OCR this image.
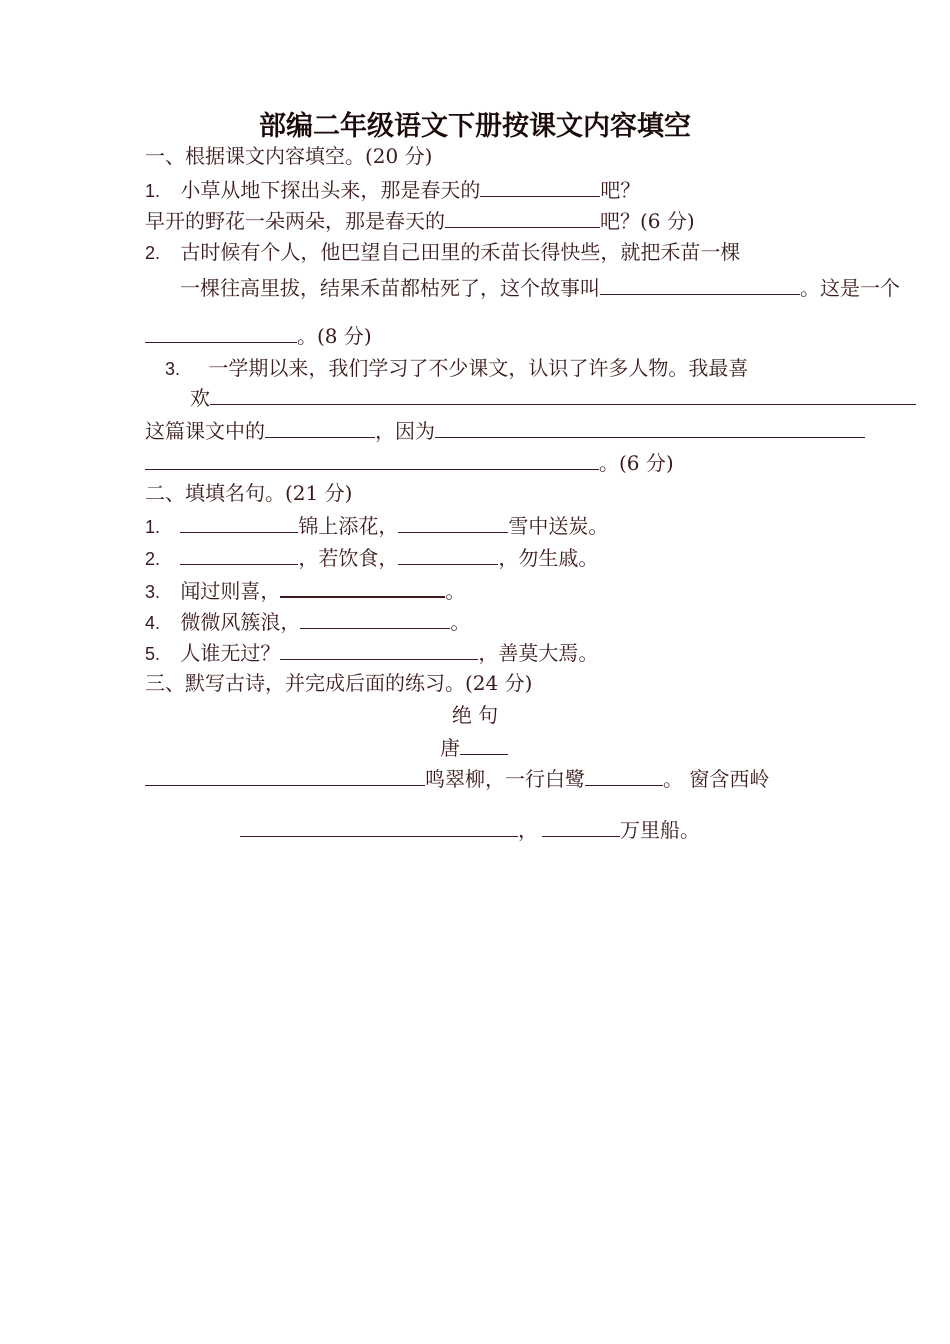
部编二年级语文下册按课文内容填空
一、根据课文内容填空。(20 分)
1. 小草从地下探出头来，那是春天的	吧？
早开的野花一朵两朵，那是春天的	吧？(6 分)
2. 古时候有个人，他巴望自己田里的禾苗长得快些，就把禾苗一棵
一棵往高里拔，结果禾苗都枯死了，这个故事叫	。这是一个
。(8 分)
3. 一学期以来，我们学习了不少课文，认识了许多人物。我最喜
欢
这篇课文中的	，因为
。(6 分)
二、填填名句。(21 分)
1.	锦上添花，	雪中送炭。
2.	，若饮食，	，勿生戚。
3. 闻过则喜，	。
4. 微微风簇浪，	。
5. 人谁无过？	，善莫大焉。
三、默写古诗，并完成后面的练习。(24 分)
绝 句
唐
鸣翠柳，一行白鹭	。 窗含西岭
，	万里船。
